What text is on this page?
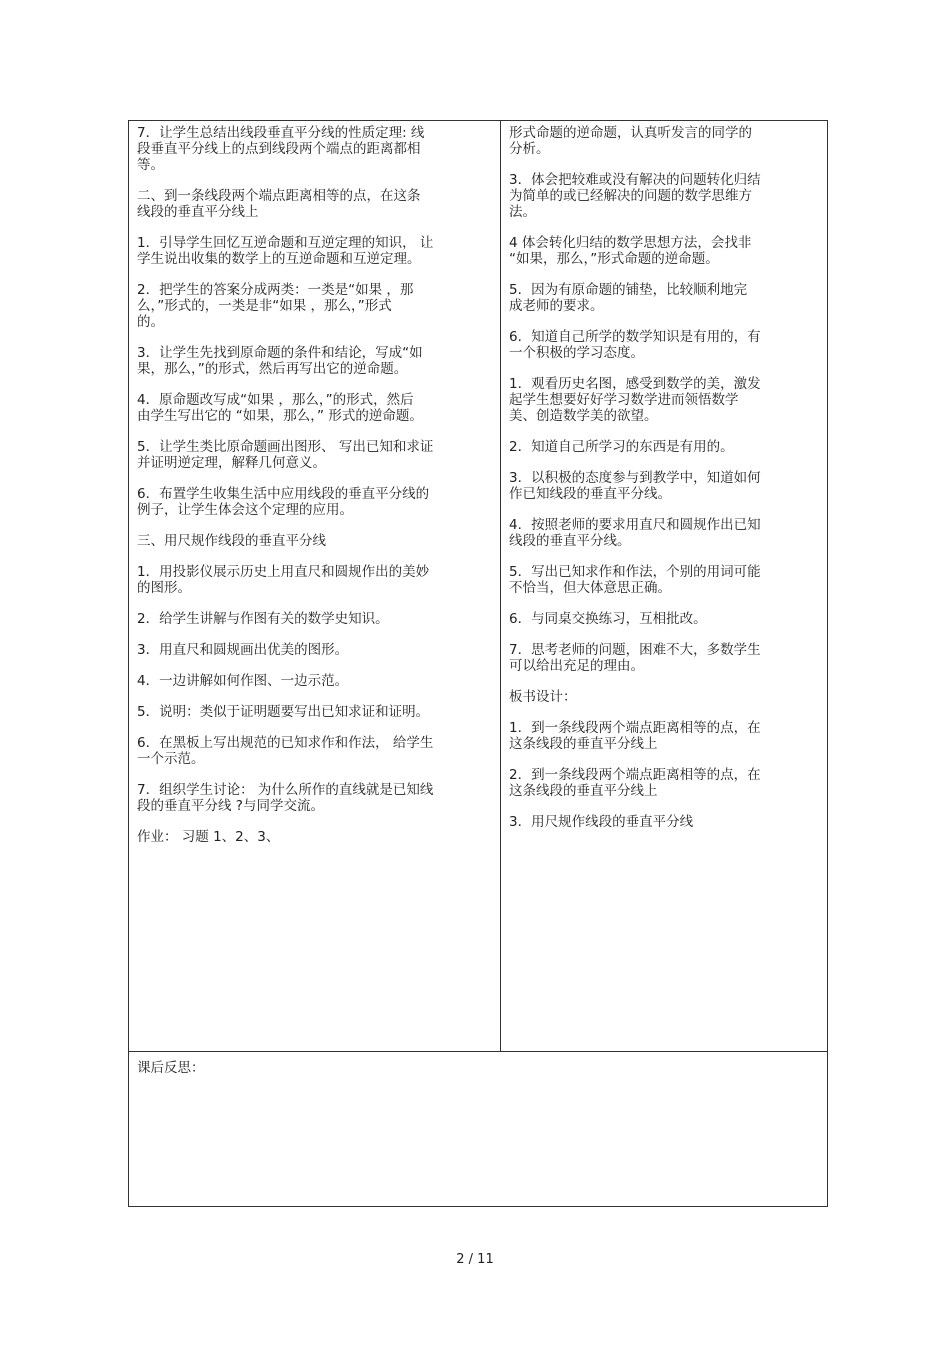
7．让学生总结出线段垂直平分线的性质定理: 线
段垂直平分线上的点到线段两个端点的距离都相
等。
二、到一条线段两个端点距离相等的点，在这条
线段的垂直平分线上
1．引导学生回忆互逆命题和互逆定理的知识， 让
学生说出收集的数学上的互逆命题和互逆定理。
2．把学生的答案分成两类：一类是“如果 ，那
么，”形式的，一类是非“如果 ，那么，”形式
的。
3．让学生先找到原命题的条件和结论，写成“如
果，那么，”的形式，然后再写出它的逆命题。
4．原命题改写成“如果 ，那么，”的形式，然后
由学生写出它的 “如果，那么，” 形式的逆命题。
5．让学生类比原命题画出图形、 写出已知和求证
并证明逆定理，解释几何意义。
6．布置学生收集生活中应用线段的垂直平分线的
例子，让学生体会这个定理的应用。
三、用尺规作线段的垂直平分线
1．用投影仪展示历史上用直尺和圆规作出的美妙
的图形。
2．给学生讲解与作图有关的数学史知识。
3．用直尺和圆规画出优美的图形。
4．一边讲解如何作图、一边示范。
5．说明：类似于证明题要写出已知求证和证明。
6．在黑板上写出规范的已知求作和作法， 给学生
一个示范。
7．组织学生讨论： 为什么所作的直线就是已知线
段的垂直平分线 ?与同学交流。
作业： 习题 1、2、3、
形式命题的逆命题，认真听发言的同学的
分析。
3．体会把较难或没有解决的问题转化归结
为简单的或已经解决的问题的数学思维方
法。
4 体会转化归结的数学思想方法，会找非
“如果，那么，”形式命题的逆命题。
5．因为有原命题的铺垫，比较顺利地完
成老师的要求。
6．知道自己所学的数学知识是有用的，有
一个积极的学习态度。
1．观看历史名图，感受到数学的美，激发
起学生想要好好学习数学进而领悟数学
美、创造数学美的欲望。
2．知道自己所学习的东西是有用的。
3．以积极的态度参与到教学中，知道如何
作已知线段的垂直平分线。
4．按照老师的要求用直尺和圆规作出已知
线段的垂直平分线。
5．写出已知求作和作法，个别的用词可能
不恰当，但大体意思正确。
6．与同桌交换练习，互相批改。
7．思考老师的问题，困难不大，多数学生
可以给出充足的理由。
板书设计：
1．到一条线段两个端点距离相等的点，在
这条线段的垂直平分线上
2．到一条线段两个端点距离相等的点，在
这条线段的垂直平分线上
3．用尺规作线段的垂直平分线
课后反思：
2 / 11
